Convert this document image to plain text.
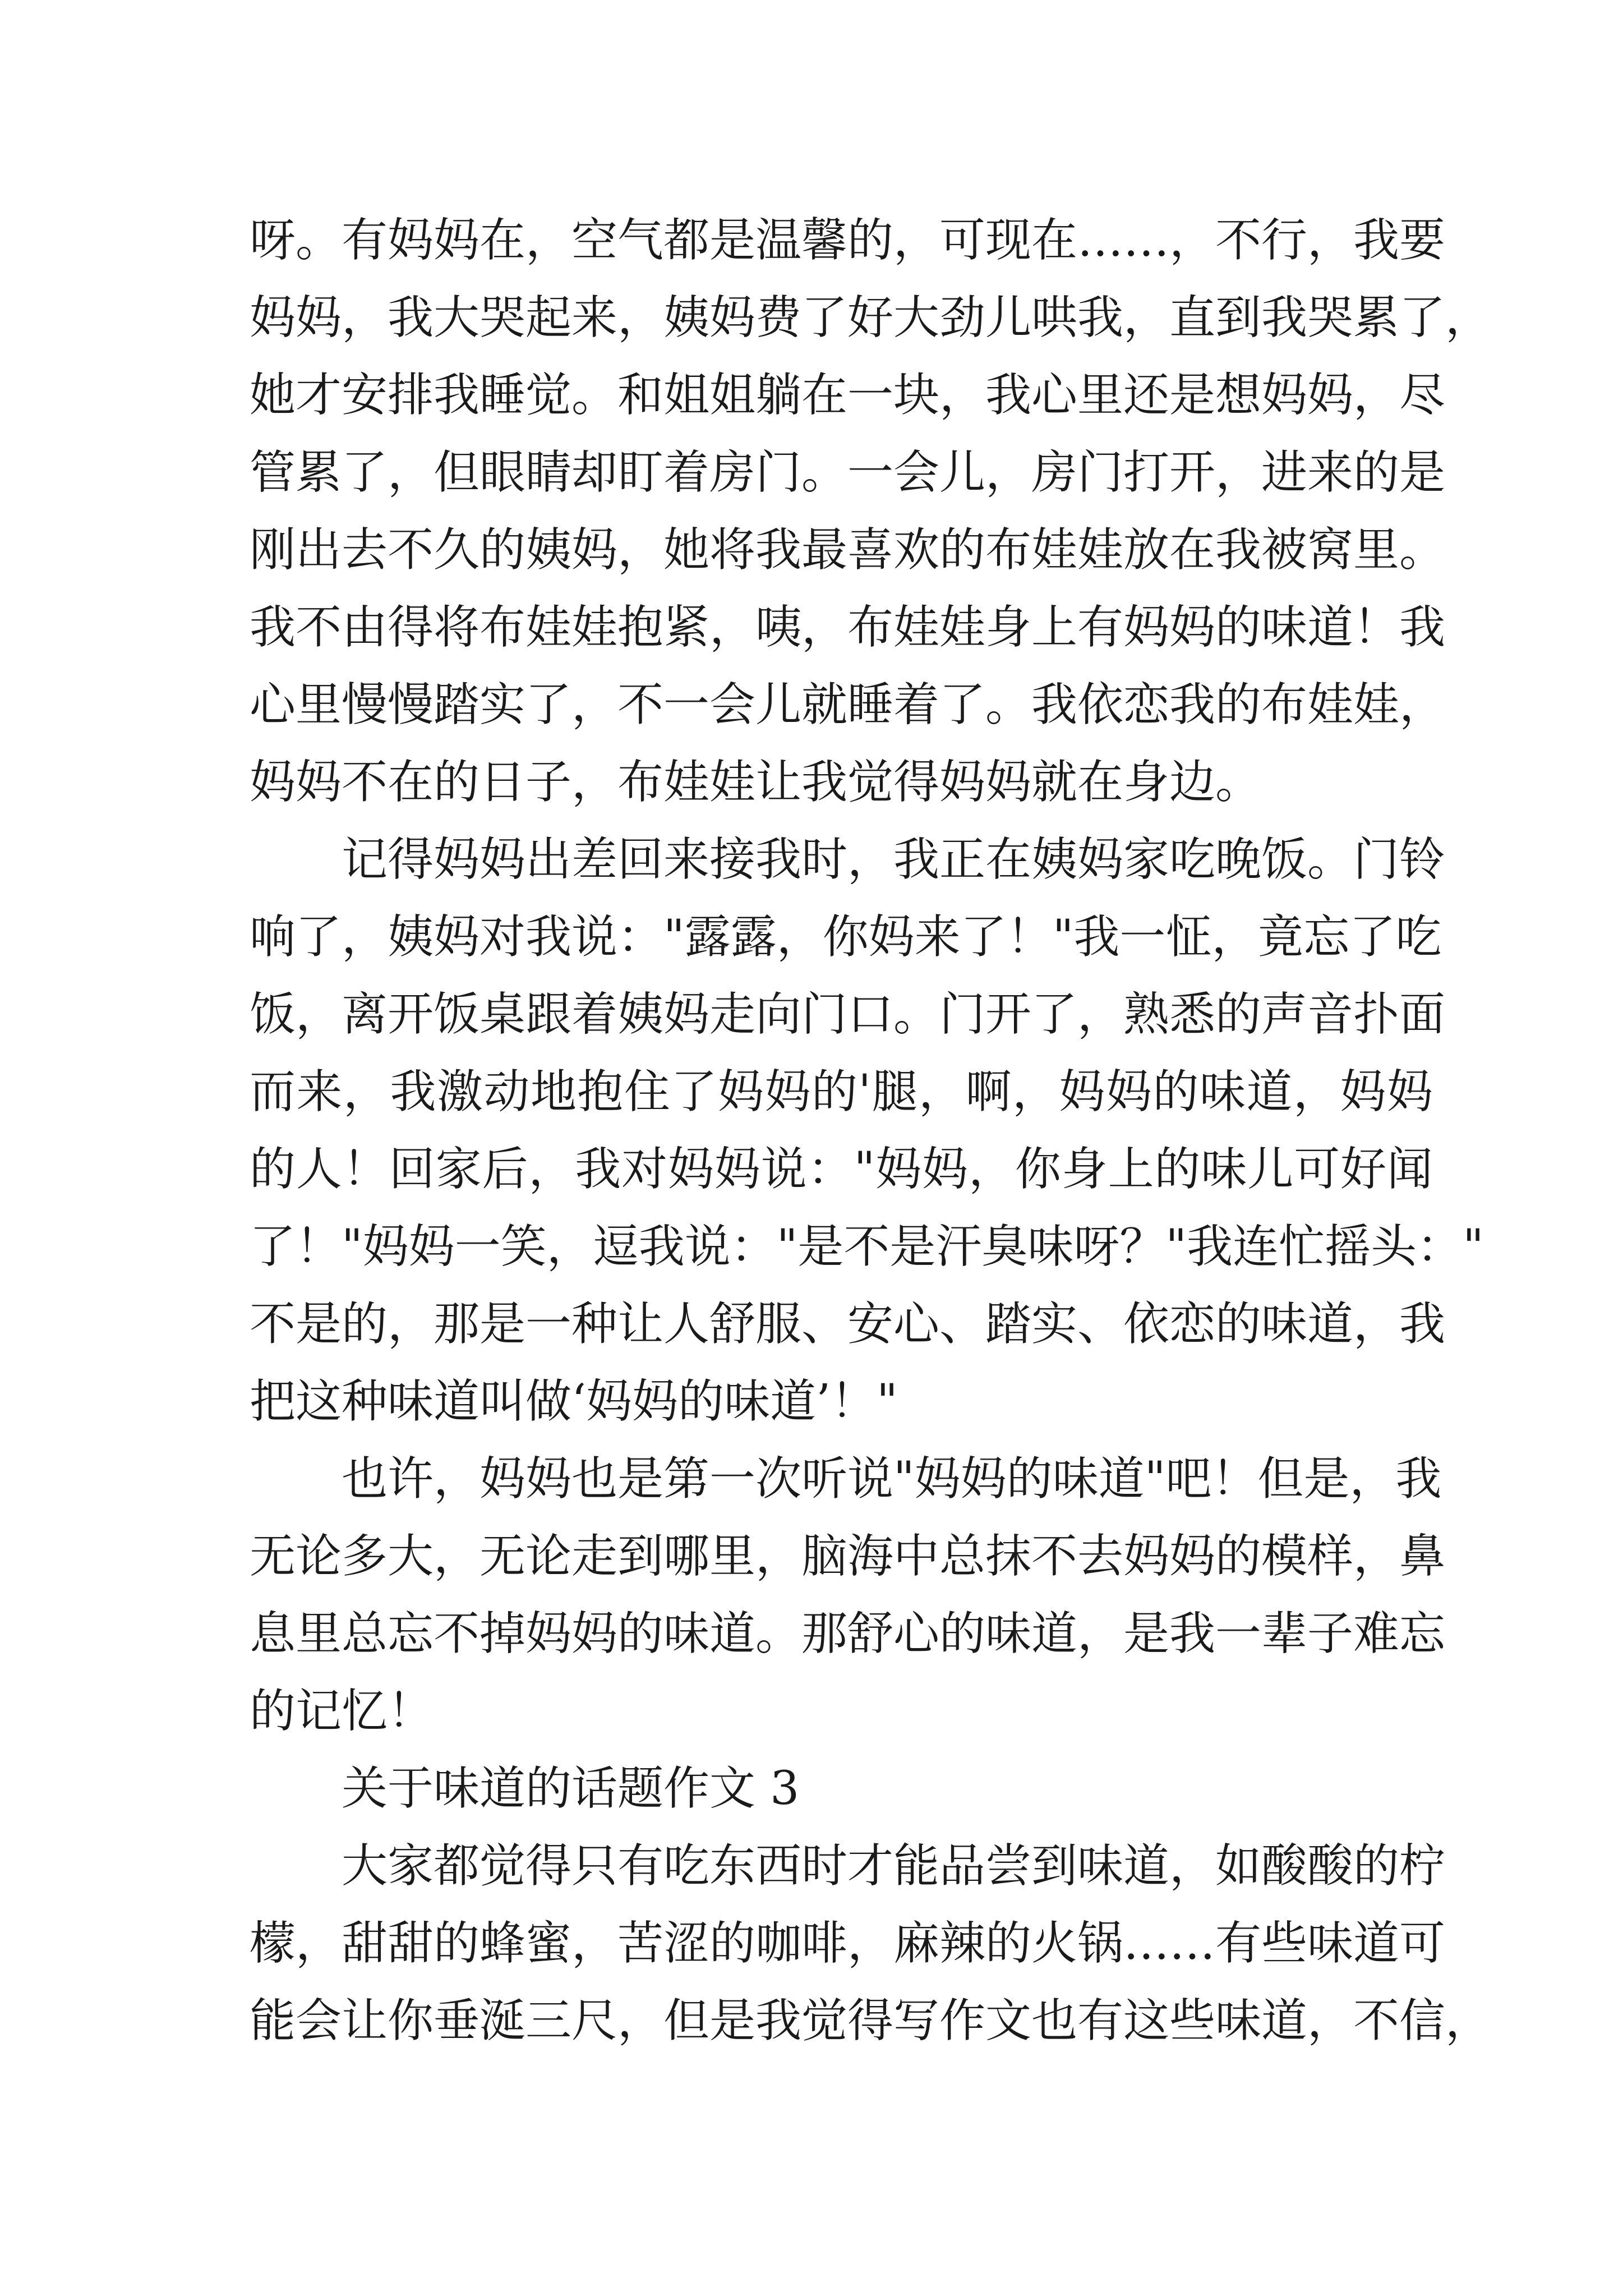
呀。有妈妈在，空气都是温馨的，可现在……，不行，我要
妈妈，我大哭起来，姨妈费了好大劲儿哄我，直到我哭累了，
她才安排我睡觉。和姐姐躺在一块，我心里还是想妈妈，尽
管累了，但眼睛却盯着房门。一会儿，房门打开，进来的是
刚出去不久的姨妈，她将我最喜欢的布娃娃放在我被窝里。
我不由得将布娃娃抱紧，咦，布娃娃身上有妈妈的味道！我
心里慢慢踏实了，不一会儿就睡着了。我依恋我的布娃娃，
妈妈不在的日子，布娃娃让我觉得妈妈就在身边。
记得妈妈出差回来接我时，我正在姨妈家吃晚饭。门铃
响了，姨妈对我说："露露，你妈来了！"我一怔，竟忘了吃
饭，离开饭桌跟着姨妈走向门口。门开了，熟悉的声音扑面
而来，我激动地抱住了妈妈的'腿，啊，妈妈的味道，妈妈
的人！回家后，我对妈妈说："妈妈，你身上的味儿可好闻
了！"妈妈一笑，逗我说："是不是汗臭味呀？"我连忙摇头："
不是的，那是一种让人舒服、安心、踏实、依恋的味道，我
把这种味道叫做‘妈妈的味道’！"
也许，妈妈也是第一次听说"妈妈的味道"吧！但是，我
无论多大，无论走到哪里，脑海中总抹不去妈妈的模样，鼻
息里总忘不掉妈妈的味道。那舒心的味道，是我一辈子难忘
的记忆！
关于味道的话题作文 3
大家都觉得只有吃东西时才能品尝到味道，如酸酸的柠
檬，甜甜的蜂蜜，苦涩的咖啡，麻辣的火锅……有些味道可
能会让你垂涎三尺，但是我觉得写作文也有这些味道，不信，
